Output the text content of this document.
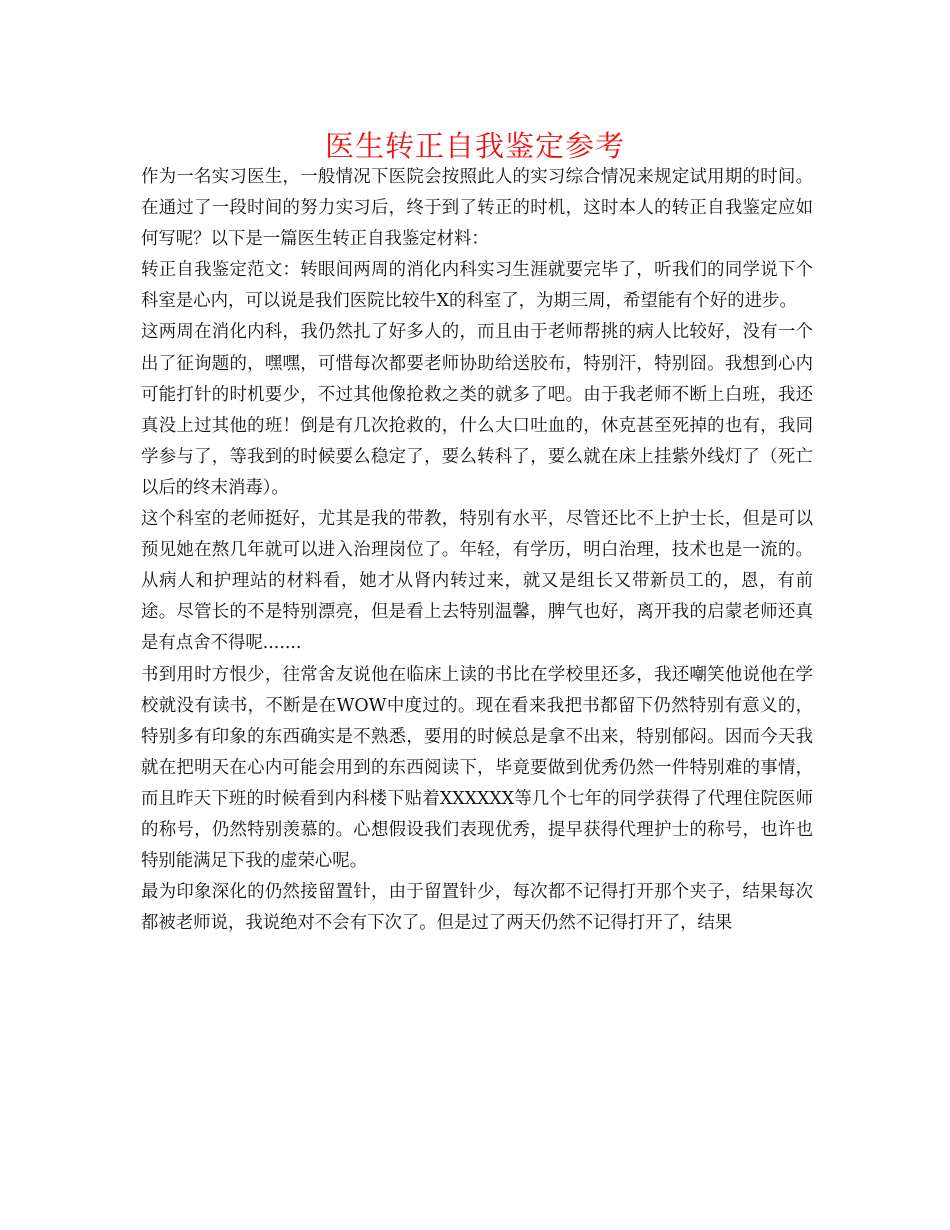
医生转正自我鉴定参考

作为一名实习医生，一般情况下医院会按照此人的实习综合情况来规定试用期的时间。在通过了一段时间的努力实习后，终于到了转正的时机，这时本人的转正自我鉴定应如何写呢？以下是一篇医生转正自我鉴定材料：

转正自我鉴定范文：转眼间两周的消化内科实习生涯就要完毕了，听我们的同学说下个科室是心内，可以说是我们医院比较牛X的科室了，为期三周，希望能有个好的进步。

这两周在消化内科，我仍然扎了好多人的，而且由于老师帮挑的病人比较好，没有一个出了征询题的，嘿嘿，可惜每次都要老师协助给送胶布，特别汗，特别囧。我想到心内可能打针的时机要少，不过其他像抢救之类的就多了吧。由于我老师不断上白班，我还真没上过其他的班！倒是有几次抢救的，什么大口吐血的，休克甚至死掉的也有，我同学参与了，等我到的时候要么稳定了，要么转科了，要么就在床上挂紫外线灯了（死亡以后的终末消毒）。

这个科室的老师挺好，尤其是我的带教，特别有水平，尽管还比不上护士长，但是可以预见她在熬几年就可以进入治理岗位了。年轻，有学历，明白治理，技术也是一流的。从病人和护理站的材料看，她才从肾内转过来，就又是组长又带新员工的，恩，有前途。尽管长的不是特别漂亮，但是看上去特别温馨，脾气也好，离开我的启蒙老师还真是有点舍不得呢.......

书到用时方恨少，往常舍友说他在临床上读的书比在学校里还多，我还嘲笑他说他在学校就没有读书，不断是在WOW中度过的。现在看来我把书都留下仍然特别有意义的，特别多有印象的东西确实是不熟悉，要用的时候总是拿不出来，特别郁闷。因而今天我就在把明天在心内可能会用到的东西阅读下，毕竟要做到优秀仍然一件特别难的事情，而且昨天下班的时候看到内科楼下贴着XXXXXX等几个七年的同学获得了代理住院医师的称号，仍然特别羡慕的。心想假设我们表现优秀，提早获得代理护士的称号，也许也特别能满足下我的虚荣心呢。

最为印象深化的仍然接留置针，由于留置针少，每次都不记得打开那个夹子，结果每次都被老师说，我说绝对不会有下次了。但是过了两天仍然不记得打开了，结果
